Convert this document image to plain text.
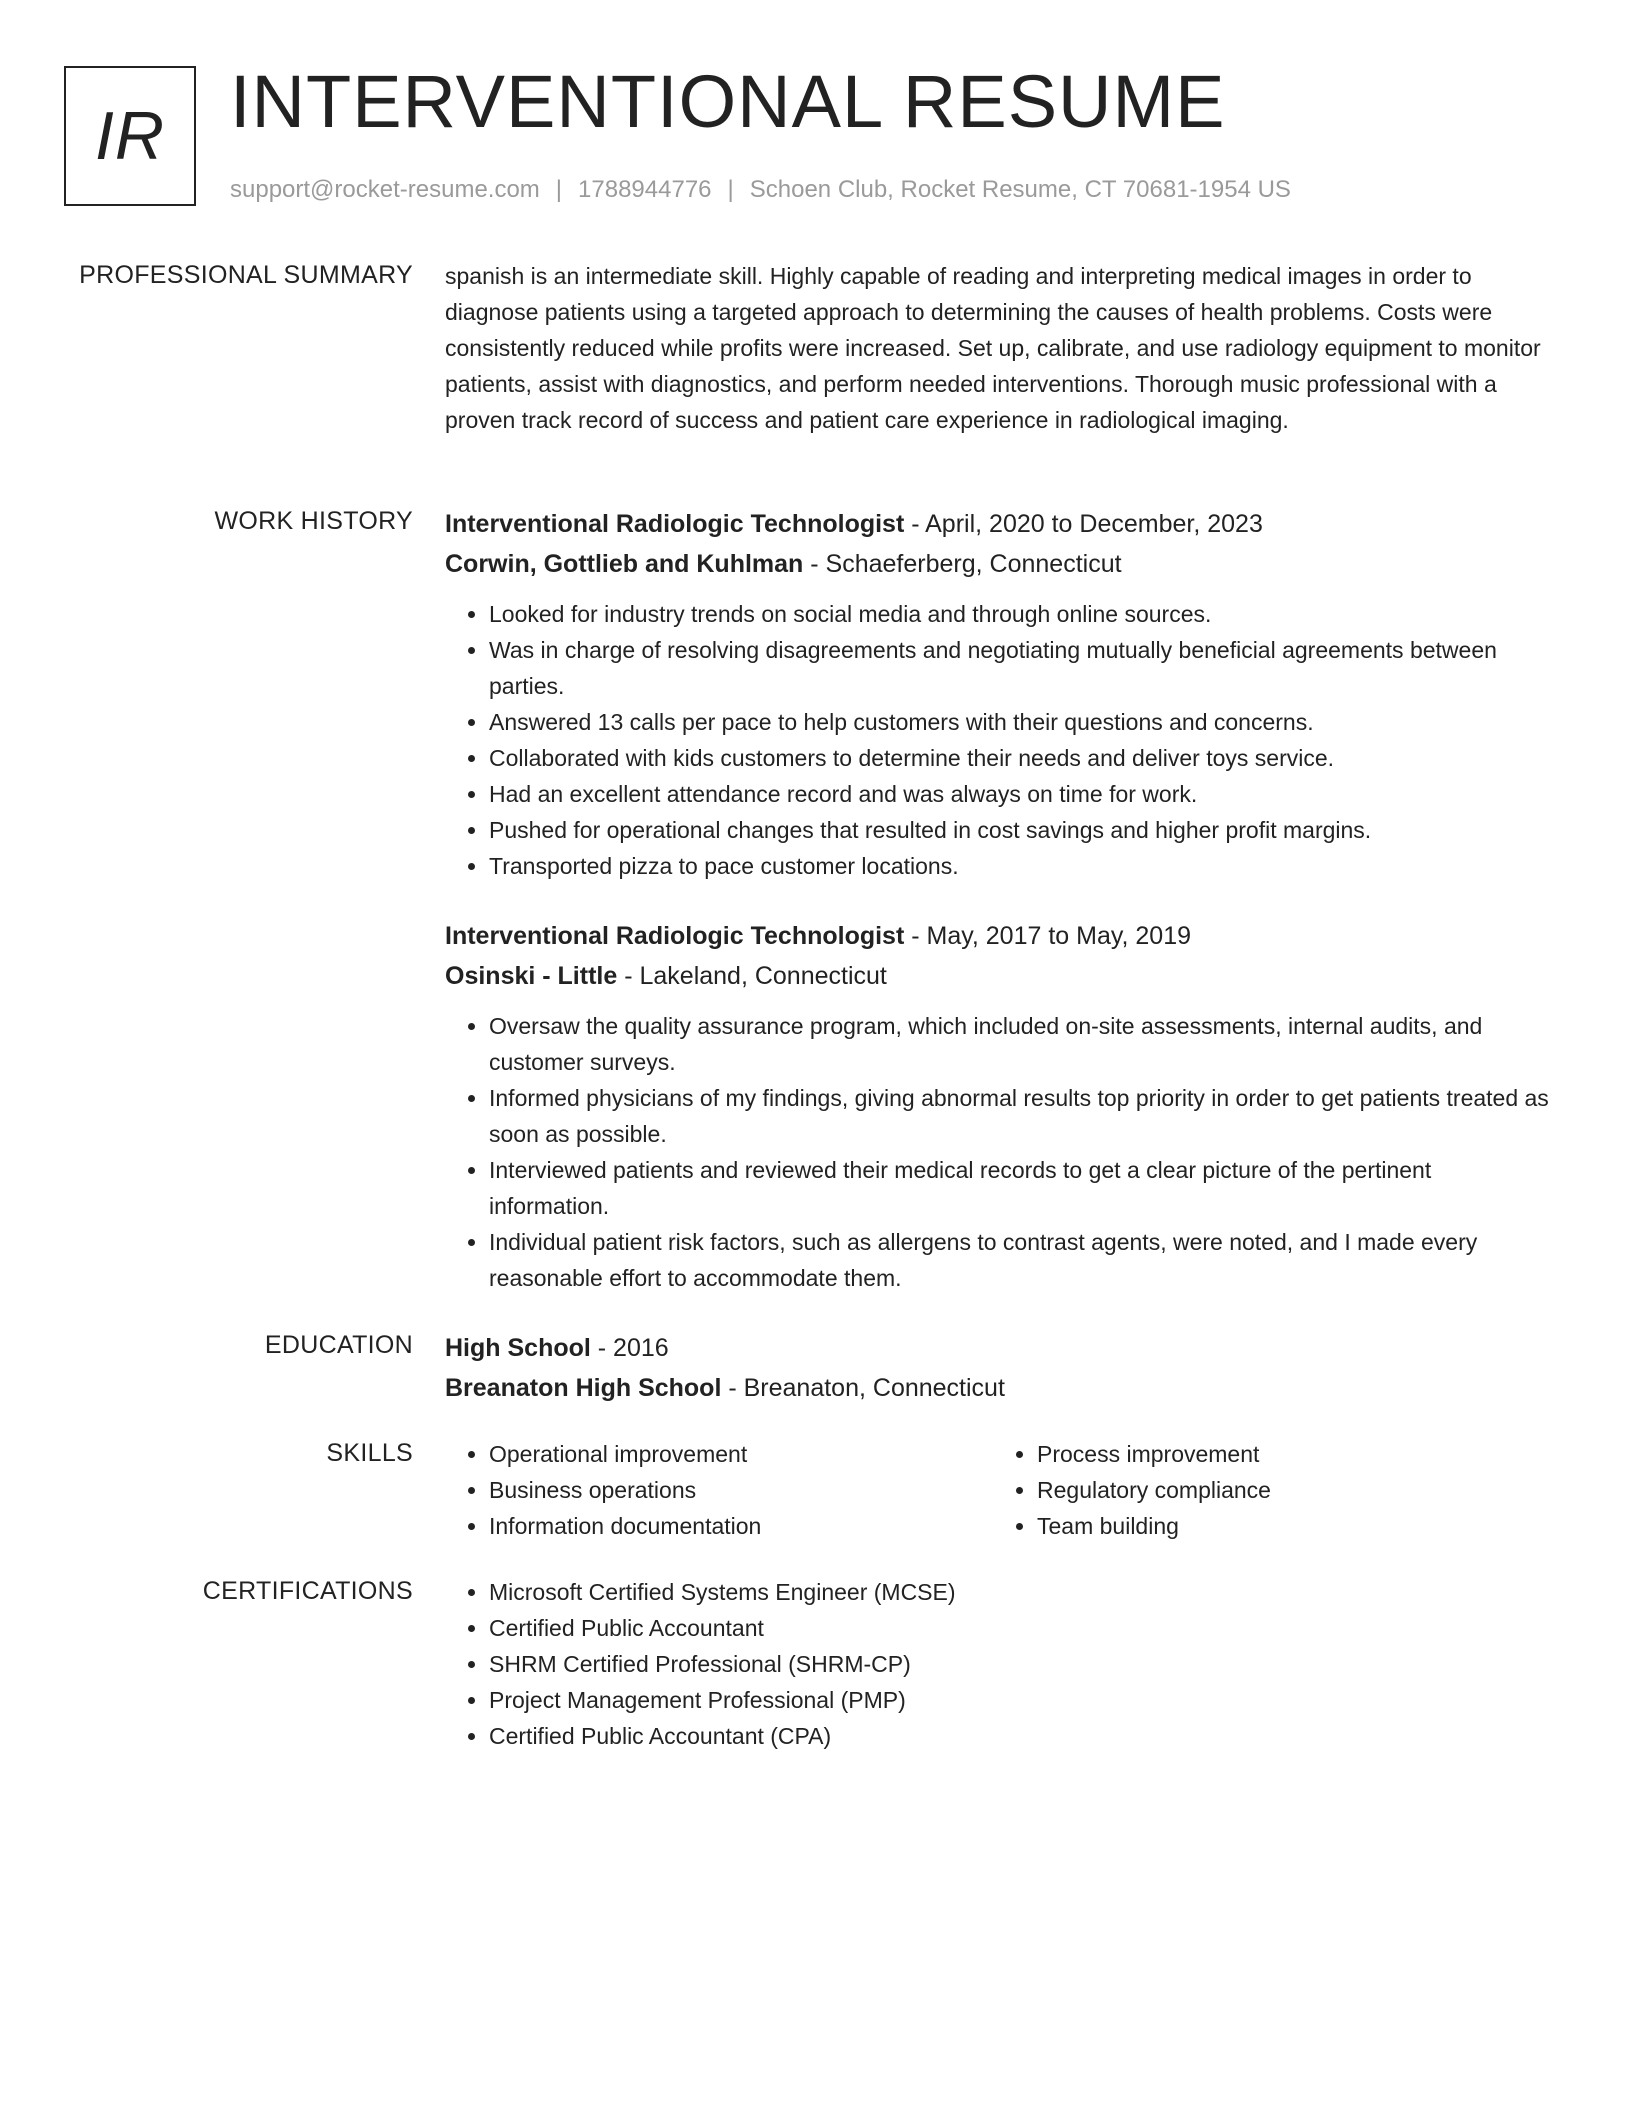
IR INTERVENTIONAL RESUME
support@rocket-resume.com | 1788944776 | Schoen Club, Rocket Resume, CT 70681-1954 US
PROFESSIONAL SUMMARY spanish is an intermediate skill. Highly capable of reading and interpreting medical images in order to diagnose patients using a targeted approach to determining the causes of health problems. Costs were consistently reduced while profits were increased. Set up, calibrate, and use radiology equipment to monitor patients, assist with diagnostics, and perform needed interventions. Thorough music professional with a proven track record of success and patient care experience in radiological imaging.

WORK HISTORY Interventional Radiologic Technologist - April, 2020 to December, 2023
Corwin, Gottlieb and Kuhlman - Schaeferberg, Connecticut
• Looked for industry trends on social media and through online sources.
• Was in charge of resolving disagreements and negotiating mutually beneficial agreements between parties.
• Answered 13 calls per pace to help customers with their questions and concerns.
• Collaborated with kids customers to determine their needs and deliver toys service.
• Had an excellent attendance record and was always on time for work.
• Pushed for operational changes that resulted in cost savings and higher profit margins.
• Transported pizza to pace customer locations.
Interventional Radiologic Technologist - May, 2017 to May, 2019
Osinski - Little - Lakeland, Connecticut
• Oversaw the quality assurance program, which included on-site assessments, internal audits, and customer surveys.
• Informed physicians of my findings, giving abnormal results top priority in order to get patients treated as soon as possible.
• Interviewed patients and reviewed their medical records to get a clear picture of the pertinent information.
• Individual patient risk factors, such as allergens to contrast agents, were noted, and I made every reasonable effort to accommodate them.
EDUCATION High School - 2016
Breanaton High School - Breanaton, Connecticut
SKILLS	• Operational improvement
• Business operations
• Information documentation
• Process improvement
• Regulatory compliance
• Team building
CERTIFICATIONS	• Microsoft Certified Systems Engineer (MCSE)
• Certified Public Accountant
• SHRM Certified Professional (SHRM-CP)
• Project Management Professional (PMP)
• Certified Public Accountant (CPA)
